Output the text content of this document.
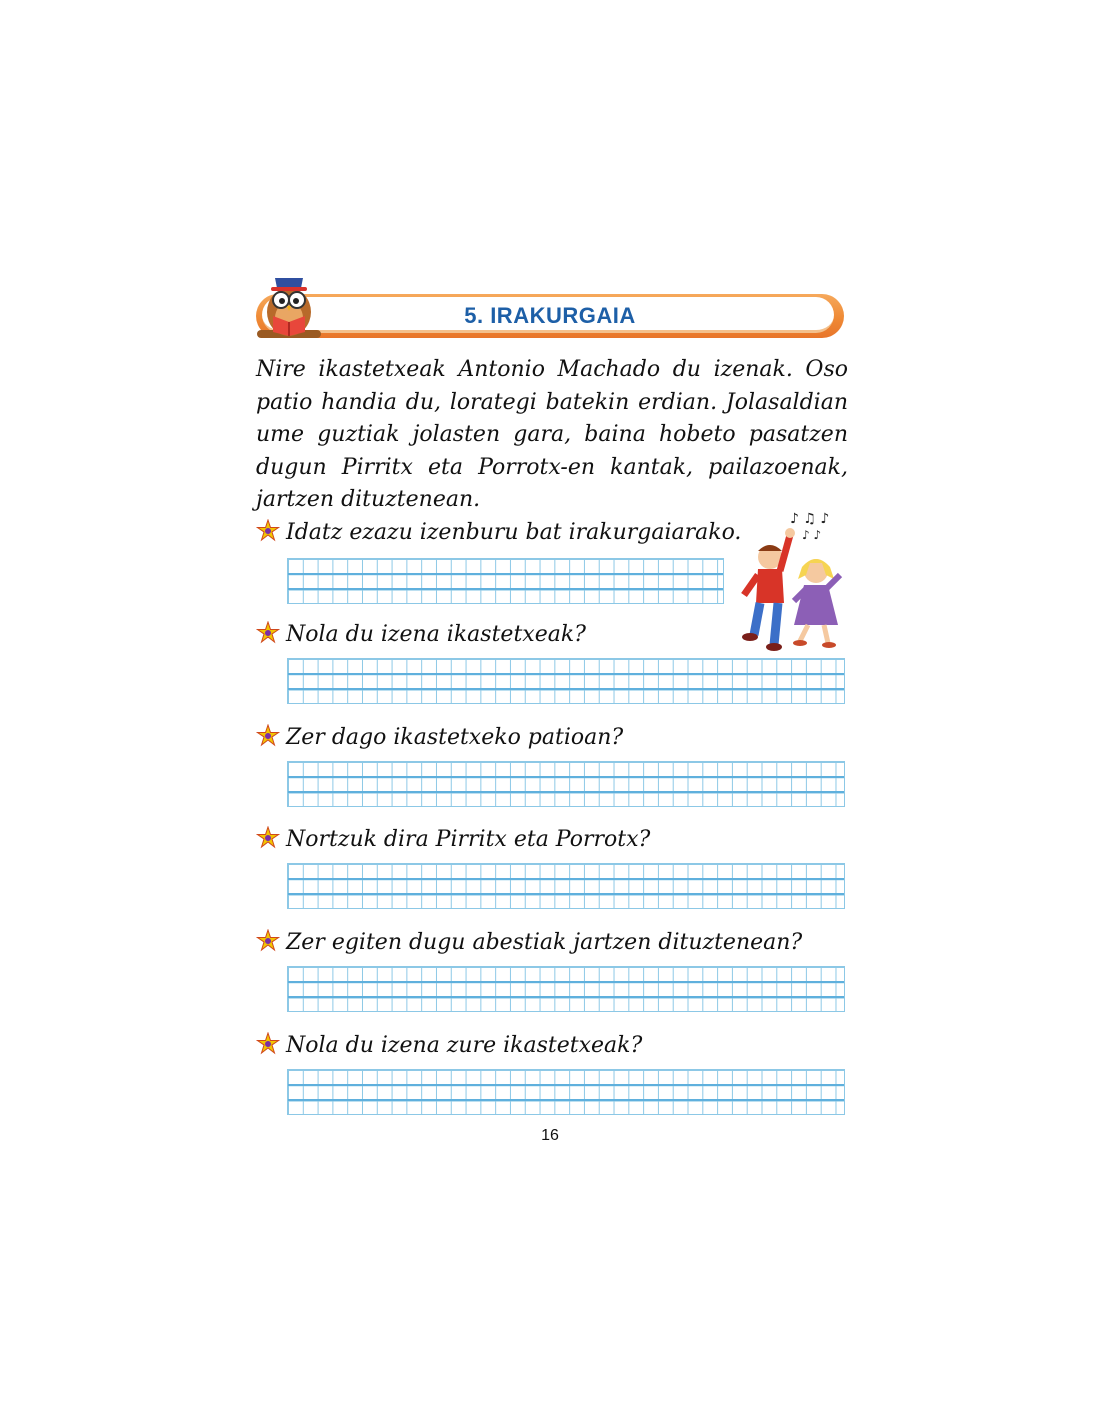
5. IRAKURGAIA
Nire ikastetxeak Antonio Machado du izenak. Oso patio handia du, lorategi batekin erdian. Jolasaldian ume guztiak jolasten gara, baina hobeto pasatzen dugun Pirritx eta Porrotx-en kantak, pailazoenak, jartzen dituztenean.
♪ ♫ ♪
♪ ♪
Idatz ezazu izenburu bat irakurgaiarako.
Nola du izena ikastetxeak?
Zer dago ikastetxeko patioan?
Nortzuk dira Pirritx eta Porrotx?
Zer egiten dugu abestiak jartzen dituztenean?
Nola du izena zure ikastetxeak?
16
